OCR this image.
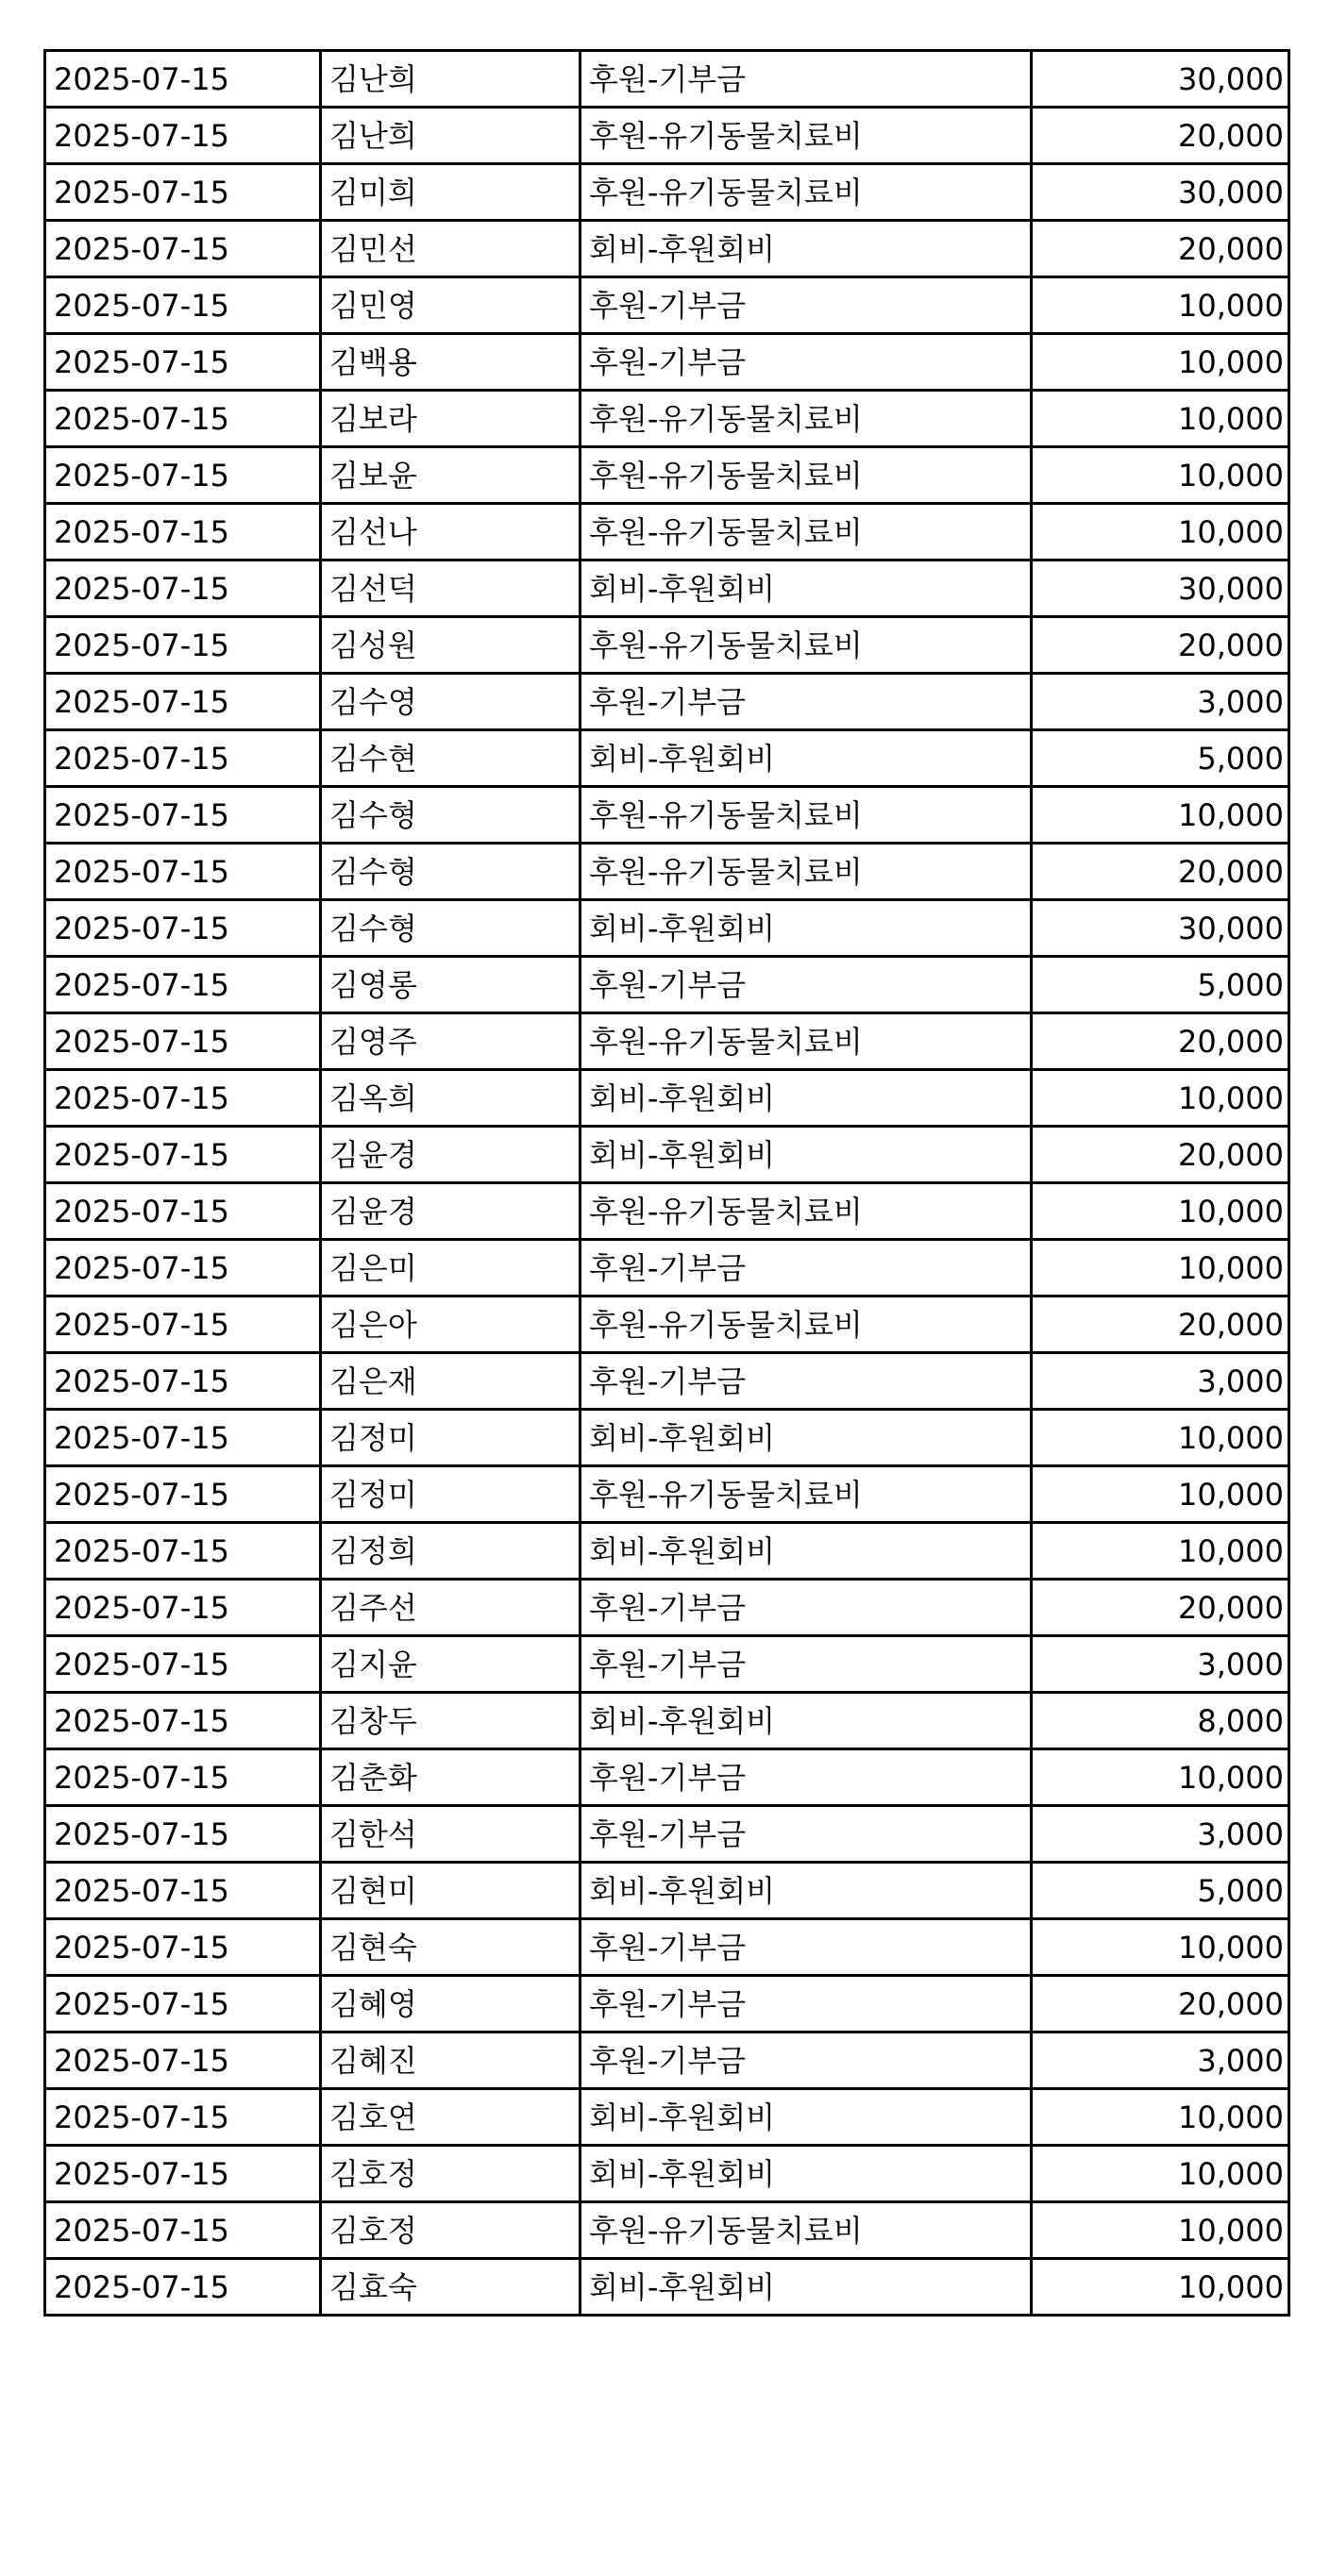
2025-07-15	김난희	후원-기부금	30,000
2025-07-15	김난희	후원-유기동물치료비	20,000
2025-07-15	김미희	후원-유기동물치료비	30,000
2025-07-15	김민선	회비-후원회비	20,000
2025-07-15	김민영	후원-기부금	10,000
2025-07-15	김백용	후원-기부금	10,000
2025-07-15	김보라	후원-유기동물치료비	10,000
2025-07-15	김보윤	후원-유기동물치료비	10,000
2025-07-15	김선나	후원-유기동물치료비	10,000
2025-07-15	김선덕	회비-후원회비	30,000
2025-07-15	김성원	후원-유기동물치료비	20,000
2025-07-15	김수영	후원-기부금	3,000
2025-07-15	김수현	회비-후원회비	5,000
2025-07-15	김수형	후원-유기동물치료비	10,000
2025-07-15	김수형	후원-유기동물치료비	20,000
2025-07-15	김수형	회비-후원회비	30,000
2025-07-15	김영롱	후원-기부금	5,000
2025-07-15	김영주	후원-유기동물치료비	20,000
2025-07-15	김옥희	회비-후원회비	10,000
2025-07-15	김윤경	회비-후원회비	20,000
2025-07-15	김윤경	후원-유기동물치료비	10,000
2025-07-15	김은미	후원-기부금	10,000
2025-07-15	김은아	후원-유기동물치료비	20,000
2025-07-15	김은재	후원-기부금	3,000
2025-07-15	김정미	회비-후원회비	10,000
2025-07-15	김정미	후원-유기동물치료비	10,000
2025-07-15	김정희	회비-후원회비	10,000
2025-07-15	김주선	후원-기부금	20,000
2025-07-15	김지윤	후원-기부금	3,000
2025-07-15	김창두	회비-후원회비	8,000
2025-07-15	김춘화	후원-기부금	10,000
2025-07-15	김한석	후원-기부금	3,000
2025-07-15	김현미	회비-후원회비	5,000
2025-07-15	김현숙	후원-기부금	10,000
2025-07-15	김혜영	후원-기부금	20,000
2025-07-15	김혜진	후원-기부금	3,000
2025-07-15	김호연	회비-후원회비	10,000
2025-07-15	김호정	회비-후원회비	10,000
2025-07-15	김호정	후원-유기동물치료비	10,000
2025-07-15	김효숙	회비-후원회비	10,000
